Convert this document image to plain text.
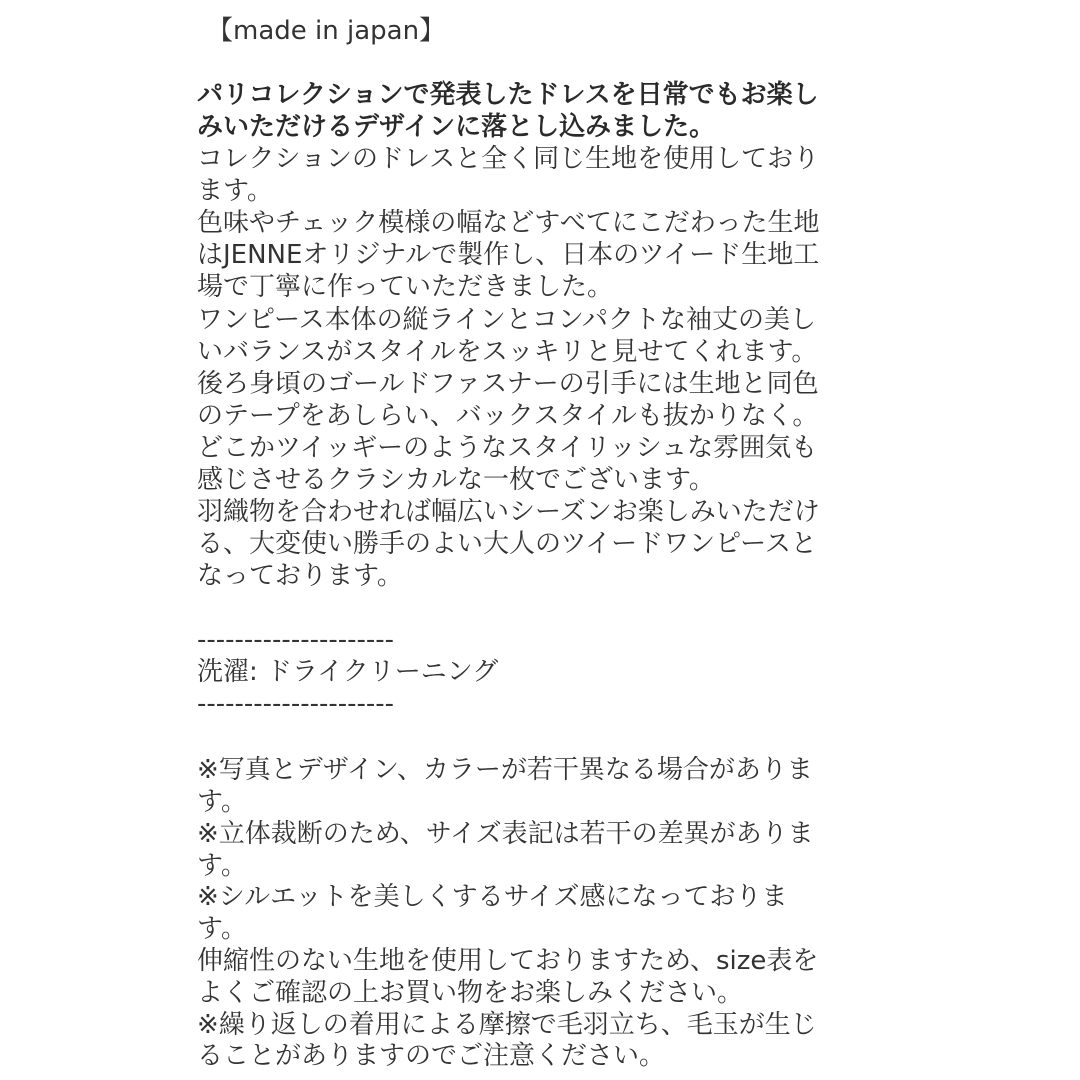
【made in japan】
パリコレクションで発表したドレスを日常でもお楽し
みいただけるデザインに落とし込みました。
コレクションのドレスと全く同じ生地を使用しており
ます。
色味やチェック模様の幅などすべてにこだわった生地
はJENNEオリジナルで製作し、日本のツイード生地工
場で丁寧に作っていただきました。
ワンピース本体の縦ラインとコンパクトな袖丈の美し
いバランスがスタイルをスッキリと見せてくれます。
後ろ身頃のゴールドファスナーの引手には生地と同色
のテープをあしらい、バックスタイルも抜かりなく。
どこかツイッギーのようなスタイリッシュな雰囲気も
感じさせるクラシカルな一枚でございます。
羽織物を合わせれば幅広いシーズンお楽しみいただけ
る、大変使い勝手のよい大人のツイードワンピースと
なっております。
---------------------
洗濯: ドライクリーニング
---------------------
※写真とデザイン、カラーが若干異なる場合がありま
す。
※立体裁断のため、サイズ表記は若干の差異がありま
す。
※シルエットを美しくするサイズ感になっておりま
す。
伸縮性のない生地を使用しておりますため、size表を
よくご確認の上お買い物をお楽しみください。
※繰り返しの着用による摩擦で毛羽立ち、毛玉が生じ
ることがありますのでご注意ください。
